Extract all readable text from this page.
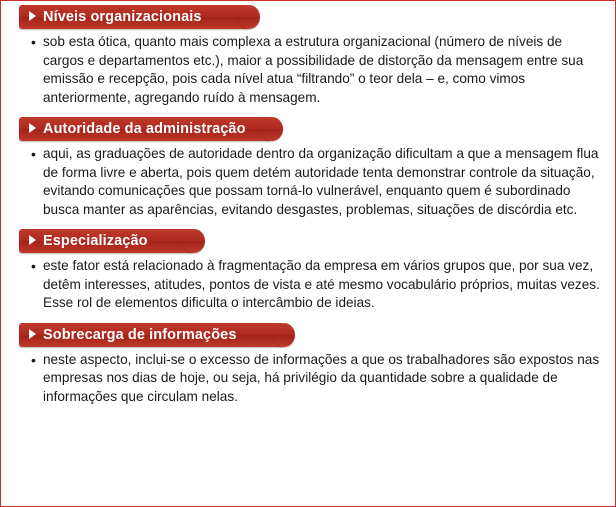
Níveis organizacionais
• sob esta ótica, quanto mais complexa a estrutura organizacional (número de níveis de cargos e departamentos etc.), maior a possibilidade de distorção da mensagem entre sua emissão e recepção, pois cada nível atua “filtrando” o teor dela – e, como vimos anteriormente, agregando ruído à mensagem.
Autoridade da administração
• aqui, as graduações de autoridade dentro da organização dificultam a que a mensagem flua de forma livre e aberta, pois quem detém autoridade tenta demonstrar controle da situação, evitando comunicações que possam torná-lo vulnerável, enquanto quem é subordinado busca manter as aparências, evitando desgastes, problemas, situações de discórdia etc.
Especialização
• este fator está relacionado à fragmentação da empresa em vários grupos que, por sua vez, detêm interesses, atitudes, pontos de vista e até mesmo vocabulário próprios, muitas vezes. Esse rol de elementos dificulta o intercâmbio de ideias.
Sobrecarga de informações
• neste aspecto, inclui-se o excesso de informações a que os trabalhadores são expostos nas empresas nos dias de hoje, ou seja, há privilégio da quantidade sobre a qualidade de informações que circulam nelas.
